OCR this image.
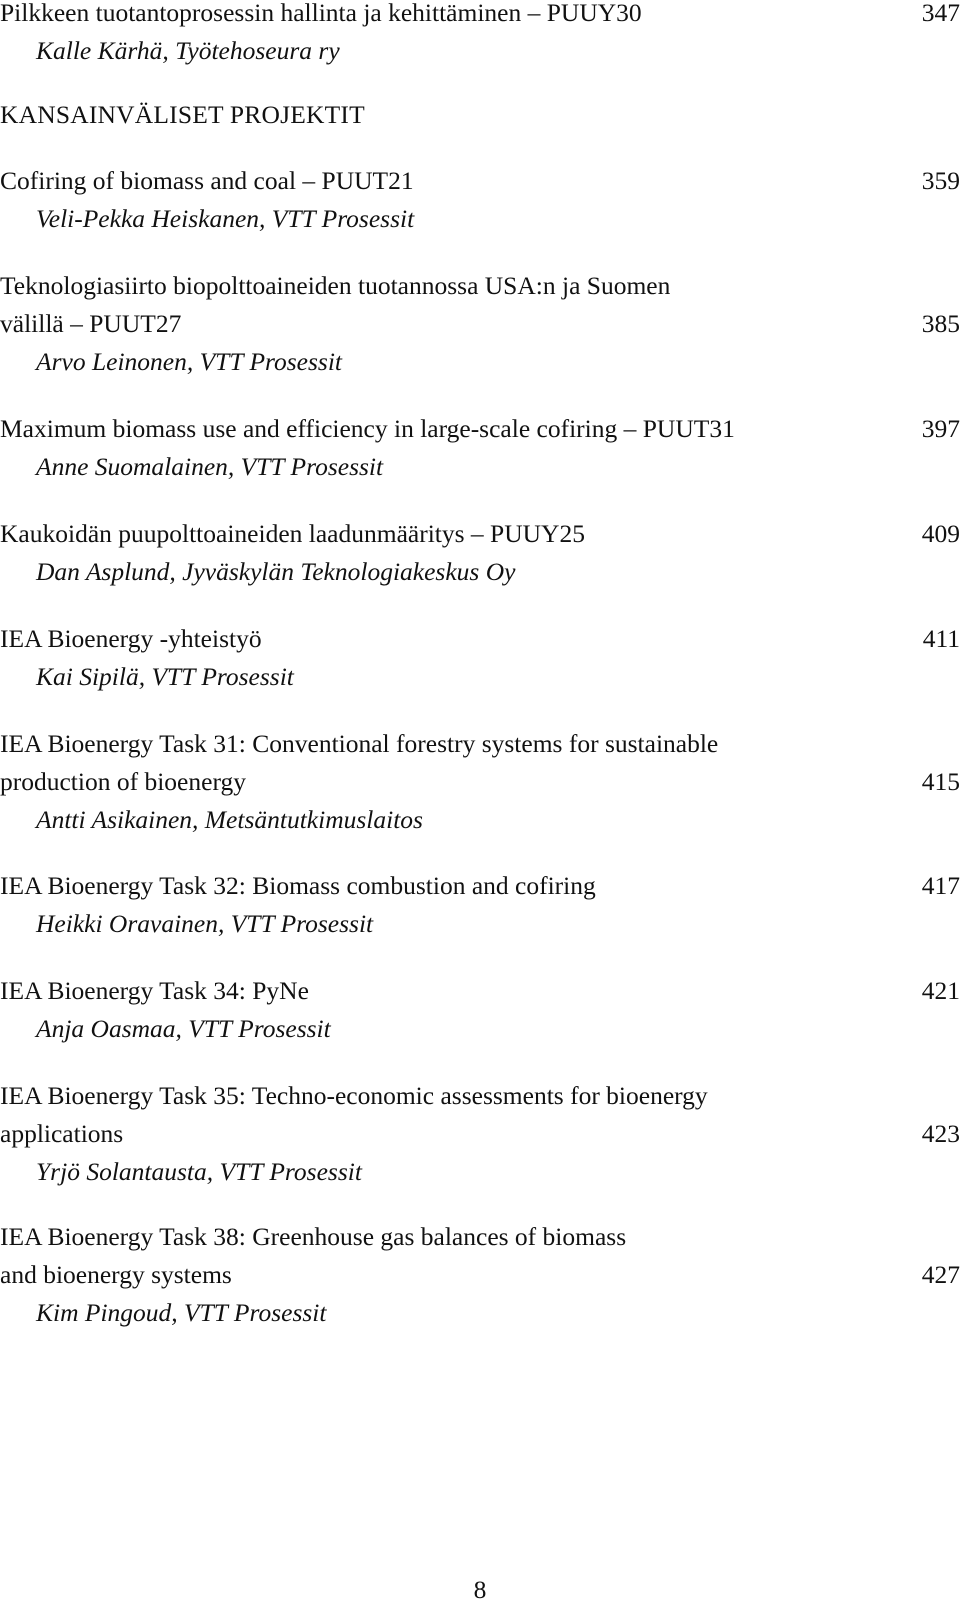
Pilkkeen tuotantoprosessin hallinta ja kehittäminen – PUUY30	347
Kalle Kärhä, Työtehoseura ry
KANSAINVÄLISET PROJEKTIT
Cofiring of biomass and coal – PUUT21	359
Veli-Pekka Heiskanen, VTT Prosessit
Teknologiasiirto biopolttoaineiden tuotannossa USA:n ja Suomen
välillä – PUUT27	385
Arvo Leinonen, VTT Prosessit
Maximum biomass use and efficiency in large-scale cofiring – PUUT31	397
Anne Suomalainen, VTT Prosessit
Kaukoidän puupolttoaineiden laadunmääritys – PUUY25	409
Dan Asplund, Jyväskylän Teknologiakeskus Oy
IEA Bioenergy -yhteistyö	411
Kai Sipilä, VTT Prosessit
IEA Bioenergy Task 31: Conventional forestry systems for sustainable
production of bioenergy	415
Antti Asikainen, Metsäntutkimuslaitos
IEA Bioenergy Task 32: Biomass combustion and cofiring	417
Heikki Oravainen, VTT Prosessit
IEA Bioenergy Task 34: PyNe	421
Anja Oasmaa, VTT Prosessit
IEA Bioenergy Task 35: Techno-economic assessments for bioenergy
applications	423
Yrjö Solantausta, VTT Prosessit
IEA Bioenergy Task 38: Greenhouse gas balances of biomass
and bioenergy systems	427
Kim Pingoud, VTT Prosessit
8
